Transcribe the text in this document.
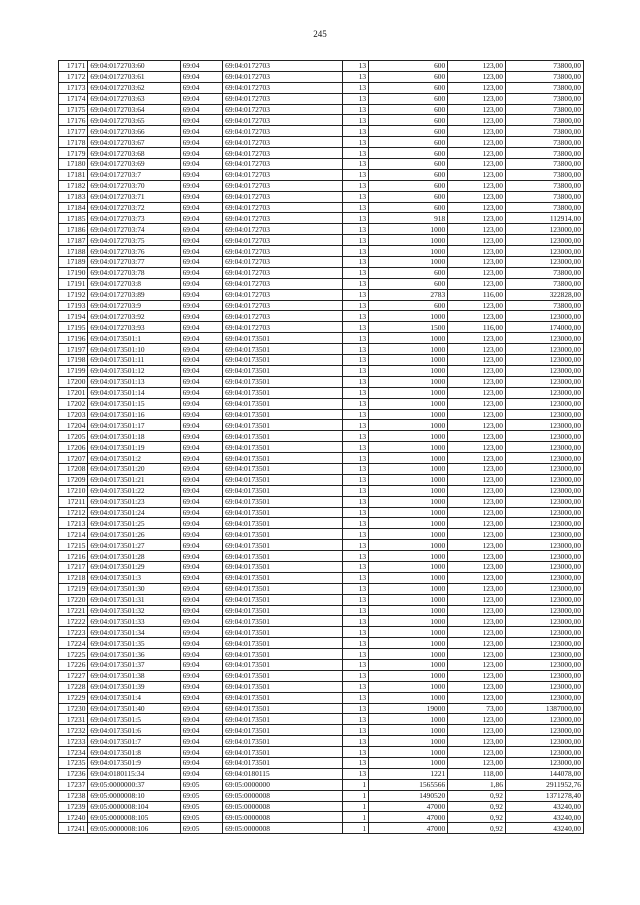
245
17171	69:04:0172703:60	69:04	69:04:0172703	13	600	123,00	73800,00
17172	69:04:0172703:61	69:04	69:04:0172703	13	600	123,00	73800,00
17173	69:04:0172703:62	69:04	69:04:0172703	13	600	123,00	73800,00
17174	69:04:0172703:63	69:04	69:04:0172703	13	600	123,00	73800,00
17175	69:04:0172703:64	69:04	69:04:0172703	13	600	123,00	73800,00
17176	69:04:0172703:65	69:04	69:04:0172703	13	600	123,00	73800,00
17177	69:04:0172703:66	69:04	69:04:0172703	13	600	123,00	73800,00
17178	69:04:0172703:67	69:04	69:04:0172703	13	600	123,00	73800,00
17179	69:04:0172703:68	69:04	69:04:0172703	13	600	123,00	73800,00
17180	69:04:0172703:69	69:04	69:04:0172703	13	600	123,00	73800,00
17181	69:04:0172703:7	69:04	69:04:0172703	13	600	123,00	73800,00
17182	69:04:0172703:70	69:04	69:04:0172703	13	600	123,00	73800,00
17183	69:04:0172703:71	69:04	69:04:0172703	13	600	123,00	73800,00
17184	69:04:0172703:72	69:04	69:04:0172703	13	600	123,00	73800,00
17185	69:04:0172703:73	69:04	69:04:0172703	13	918	123,00	112914,00
17186	69:04:0172703:74	69:04	69:04:0172703	13	1000	123,00	123000,00
17187	69:04:0172703:75	69:04	69:04:0172703	13	1000	123,00	123000,00
17188	69:04:0172703:76	69:04	69:04:0172703	13	1000	123,00	123000,00
17189	69:04:0172703:77	69:04	69:04:0172703	13	1000	123,00	123000,00
17190	69:04:0172703:78	69:04	69:04:0172703	13	600	123,00	73800,00
17191	69:04:0172703:8	69:04	69:04:0172703	13	600	123,00	73800,00
17192	69:04:0172703:89	69:04	69:04:0172703	13	2783	116,00	322828,00
17193	69:04:0172703:9	69:04	69:04:0172703	13	600	123,00	73800,00
17194	69:04:0172703:92	69:04	69:04:0172703	13	1000	123,00	123000,00
17195	69:04:0172703:93	69:04	69:04:0172703	13	1500	116,00	174000,00
17196	69:04:0173501:1	69:04	69:04:0173501	13	1000	123,00	123000,00
17197	69:04:0173501:10	69:04	69:04:0173501	13	1000	123,00	123000,00
17198	69:04:0173501:11	69:04	69:04:0173501	13	1000	123,00	123000,00
17199	69:04:0173501:12	69:04	69:04:0173501	13	1000	123,00	123000,00
17200	69:04:0173501:13	69:04	69:04:0173501	13	1000	123,00	123000,00
17201	69:04:0173501:14	69:04	69:04:0173501	13	1000	123,00	123000,00
17202	69:04:0173501:15	69:04	69:04:0173501	13	1000	123,00	123000,00
17203	69:04:0173501:16	69:04	69:04:0173501	13	1000	123,00	123000,00
17204	69:04:0173501:17	69:04	69:04:0173501	13	1000	123,00	123000,00
17205	69:04:0173501:18	69:04	69:04:0173501	13	1000	123,00	123000,00
17206	69:04:0173501:19	69:04	69:04:0173501	13	1000	123,00	123000,00
17207	69:04:0173501:2	69:04	69:04:0173501	13	1000	123,00	123000,00
17208	69:04:0173501:20	69:04	69:04:0173501	13	1000	123,00	123000,00
17209	69:04:0173501:21	69:04	69:04:0173501	13	1000	123,00	123000,00
17210	69:04:0173501:22	69:04	69:04:0173501	13	1000	123,00	123000,00
17211	69:04:0173501:23	69:04	69:04:0173501	13	1000	123,00	123000,00
17212	69:04:0173501:24	69:04	69:04:0173501	13	1000	123,00	123000,00
17213	69:04:0173501:25	69:04	69:04:0173501	13	1000	123,00	123000,00
17214	69:04:0173501:26	69:04	69:04:0173501	13	1000	123,00	123000,00
17215	69:04:0173501:27	69:04	69:04:0173501	13	1000	123,00	123000,00
17216	69:04:0173501:28	69:04	69:04:0173501	13	1000	123,00	123000,00
17217	69:04:0173501:29	69:04	69:04:0173501	13	1000	123,00	123000,00
17218	69:04:0173501:3	69:04	69:04:0173501	13	1000	123,00	123000,00
17219	69:04:0173501:30	69:04	69:04:0173501	13	1000	123,00	123000,00
17220	69:04:0173501:31	69:04	69:04:0173501	13	1000	123,00	123000,00
17221	69:04:0173501:32	69:04	69:04:0173501	13	1000	123,00	123000,00
17222	69:04:0173501:33	69:04	69:04:0173501	13	1000	123,00	123000,00
17223	69:04:0173501:34	69:04	69:04:0173501	13	1000	123,00	123000,00
17224	69:04:0173501:35	69:04	69:04:0173501	13	1000	123,00	123000,00
17225	69:04:0173501:36	69:04	69:04:0173501	13	1000	123,00	123000,00
17226	69:04:0173501:37	69:04	69:04:0173501	13	1000	123,00	123000,00
17227	69:04:0173501:38	69:04	69:04:0173501	13	1000	123,00	123000,00
17228	69:04:0173501:39	69:04	69:04:0173501	13	1000	123,00	123000,00
17229	69:04:0173501:4	69:04	69:04:0173501	13	1000	123,00	123000,00
17230	69:04:0173501:40	69:04	69:04:0173501	13	19000	73,00	1387000,00
17231	69:04:0173501:5	69:04	69:04:0173501	13	1000	123,00	123000,00
17232	69:04:0173501:6	69:04	69:04:0173501	13	1000	123,00	123000,00
17233	69:04:0173501:7	69:04	69:04:0173501	13	1000	123,00	123000,00
17234	69:04:0173501:8	69:04	69:04:0173501	13	1000	123,00	123000,00
17235	69:04:0173501:9	69:04	69:04:0173501	13	1000	123,00	123000,00
17236	69:04:0180115:34	69:04	69:04:0180115	13	1221	118,00	144078,00
17237	69:05:0000000:37	69:05	69:05:0000000	1	1565566	1,86	2911952,76
17238	69:05:0000008:10	69:05	69:05:0000008	1	1490520	0,92	1371278,40
17239	69:05:0000008:104	69:05	69:05:0000008	1	47000	0,92	43240,00
17240	69:05:0000008:105	69:05	69:05:0000008	1	47000	0,92	43240,00
17241	69:05:0000008:106	69:05	69:05:0000008	1	47000	0,92	43240,00
